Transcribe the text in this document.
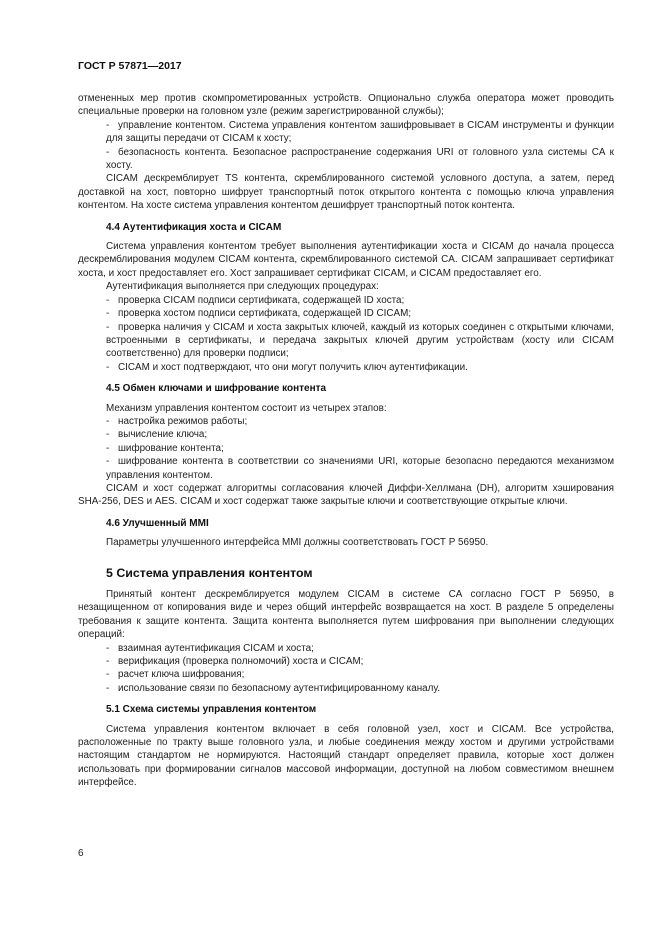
ГОСТ Р 57871—2017

отмененных мер против скомпрометированных устройств. Опционально служба оператора может проводить специальные проверки на головном узле (режим зарегистрированной службы);

- управление контентом. Система управления контентом зашифровывает в CICAM инструменты и функции для защиты передачи от CICAM к хосту;

- безопасность контента. Безопасное распространение содержания URI от головного узла системы CA к хосту.

CICAM дескремблирует TS контента, скремблированного системой условного доступа, а затем, перед доставкой на хост, повторно шифрует транспортный поток открытого контента с помощью ключа управления контентом. На хосте система управления контентом дешифрует транспортный поток контента.

4.4 Аутентификация хоста и CICAM

Система управления контентом требует выполнения аутентификации хоста и CICAM до начала процесса дескремблирования модулем CICAM контента, скремблированного системой CA. CICAM запрашивает сертификат хоста, и хост предоставляет его. Хост запрашивает сертификат CICAM, и CICAM предоставляет его.

Аутентификация выполняется при следующих процедурах:

- проверка CICAM подписи сертификата, содержащей ID хоста;

- проверка хостом подписи сертификата, содержащей ID CICAM;

- проверка наличия у CICAM и хоста закрытых ключей, каждый из которых соединен с открытыми ключами, встроенными в сертификаты, и передача закрытых ключей другим устройствам (хосту или CICAM соответственно) для проверки подписи;

- CICAM и хост подтверждают, что они могут получить ключ аутентификации.

4.5 Обмен ключами и шифрование контента

Механизм управления контентом состоит из четырех этапов:

- настройка режимов работы;

- вычисление ключа;

- шифрование контента;

- шифрование контента в соответствии со значениями URI, которые безопасно передаются механизмом управления контентом.

CICAM и хост содержат алгоритмы согласования ключей Диффи-Хеллмана (DH), алгоритм хэширования SHA-256, DES и AES. CICAM и хост содержат также закрытые ключи и соответствующие открытые ключи.

4.6 Улучшенный MMI

Параметры улучшенного интерфейса MMI должны соответствовать ГОСТ Р 56950.

5 Система управления контентом

Принятый контент дескремблируется модулем CICAM в системе CA согласно ГОСТ Р 56950, в незащищенном от копирования виде и через общий интерфейс возвращается на хост. В разделе 5 определены требования к защите контента. Защита контента выполняется путем шифрования при выполнении следующих операций:

- взаимная аутентификация CICAM и хоста;

- верификация (проверка полномочий) хоста и CICAM;

- расчет ключа шифрования;

- использование связи по безопасному аутентифицированному каналу.

5.1 Схема системы управления контентом

Система управления контентом включает в себя головной узел, хост и CICAM. Все устройства, расположенные по тракту выше головного узла, и любые соединения между хостом и другими устройствами настоящим стандартом не нормируются. Настоящий стандарт определяет правила, которые хост должен использовать при формировании сигналов массовой информации, доступной на любом совместимом внешнем интерфейсе.

6
